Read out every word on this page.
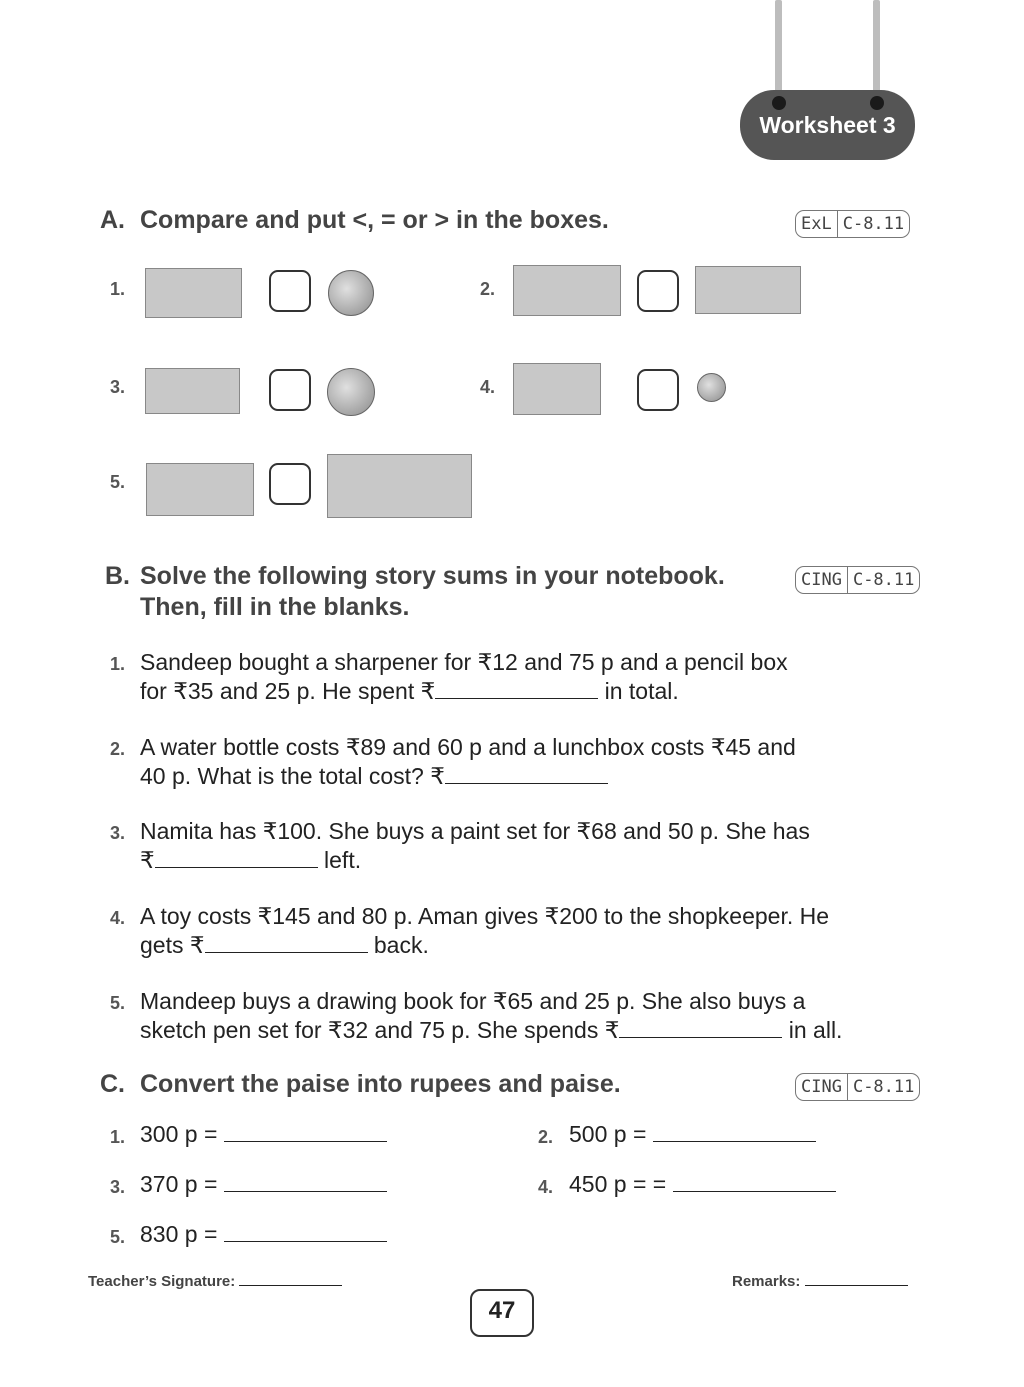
Worksheet 3
A. Compare and put <, = or > in the boxes.	ExL C-8.11
1.	2.
3.	4.
5.
B. Solve the following story sums in your notebook.
Then, fill in the blanks.
CING C-8.11
1. Sandeep bought a sharpener for ₹12 and 75 p and a pencil box
for ₹35 and 25 p. He spent ₹	in total.
2. A water bottle costs ₹89 and 60 p and a lunchbox costs ₹45 and
40 p. What is the total cost? ₹
3. Namita has ₹100. She buys a paint set for ₹68 and 50 p. She has
₹	left.
4. A toy costs ₹145 and 80 p. Aman gives ₹200 to the shopkeeper. He
gets ₹	back.
5. Mandeep buys a drawing book for ₹65 and 25 p. She also buys a
sketch pen set for ₹32 and 75 p. She spends ₹	in all.
C. Convert the paise into rupees and paise.	CING C-8.11
1. 300 p =	2. 500 p =
3. 370 p =	4. 450 p = =
5. 830 p =
Teacher’s Signature:	Remarks:
47
